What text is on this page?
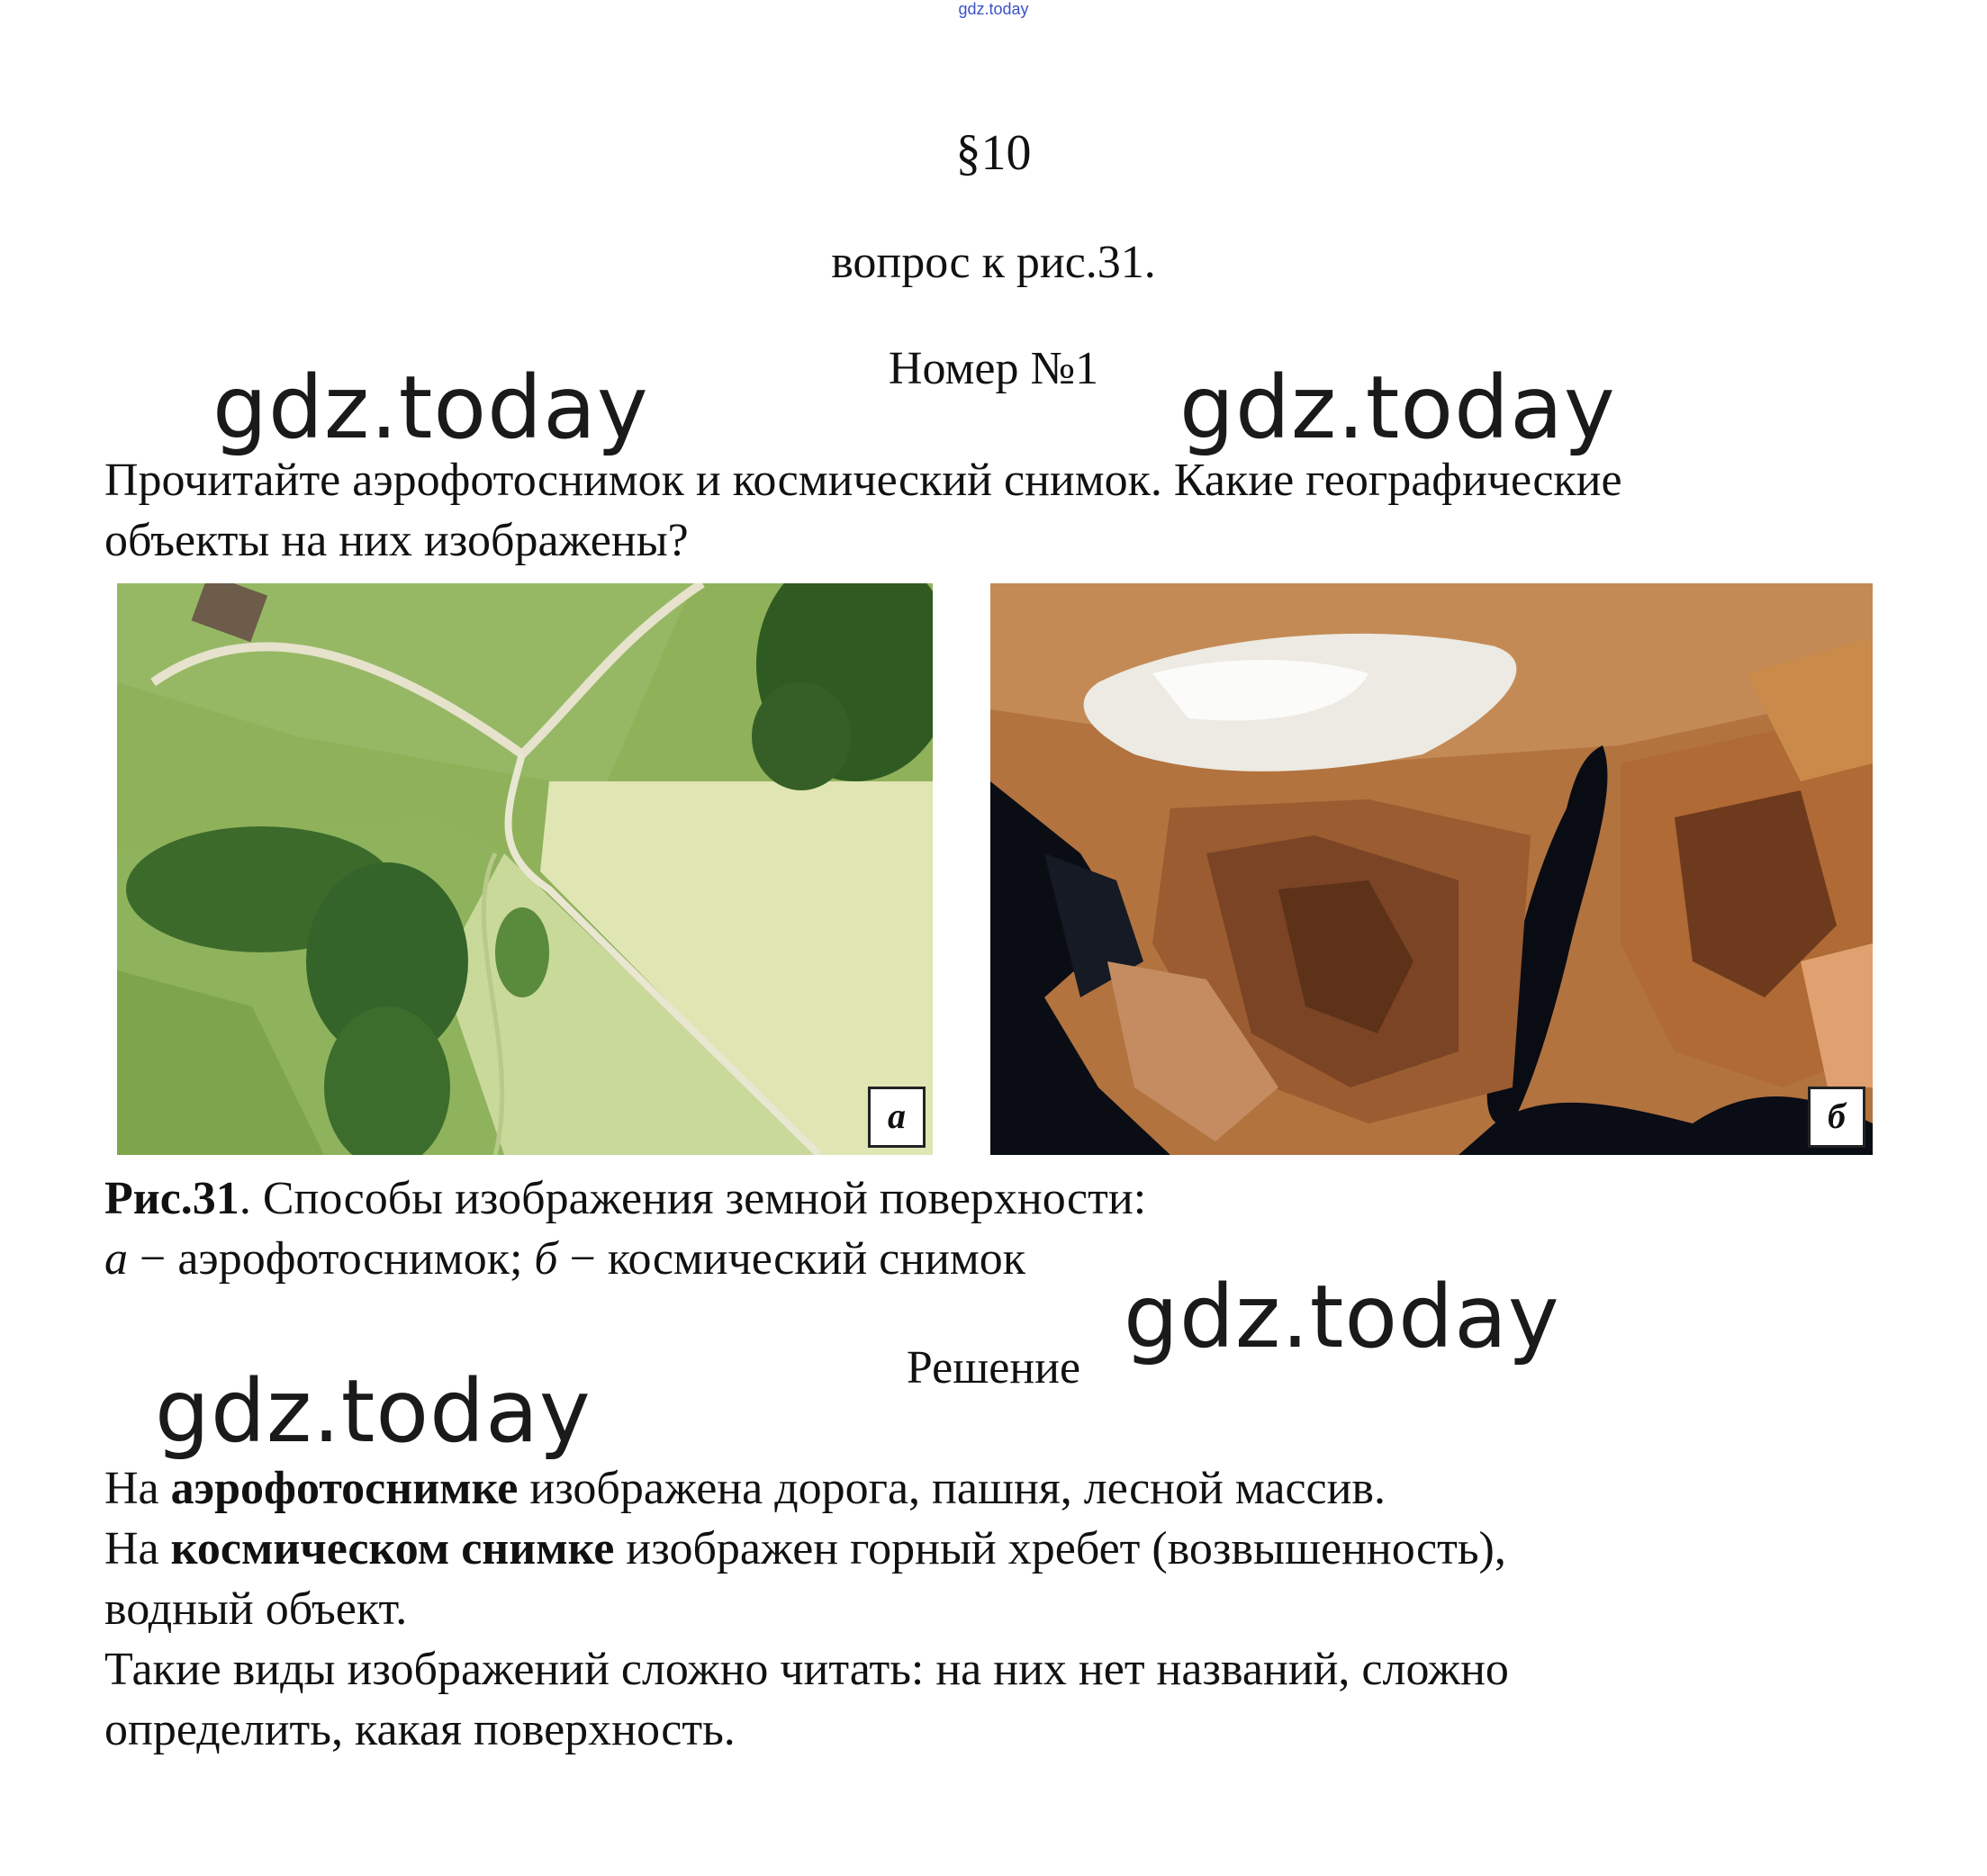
gdz.today
§10
вопрос к рис.31.
Номер №1
gdz.today	gdz.today
gdz.today
gdz.today

Прочитайте аэрофотоснимок и космический снимок. Какие географические

объекты на них изображены?

а	б

Рис.31. Способы изображения земной поверхности:

а − аэрофотоснимок; б − космический снимок

Решение

На аэрофотоснимке изображена дорога, пашня, лесной массив.

На космическом снимке изображен горный хребет (возвышенность),

водный объект.

Такие виды изображений сложно читать: на них нет названий, сложно

определить, какая поверхность.
